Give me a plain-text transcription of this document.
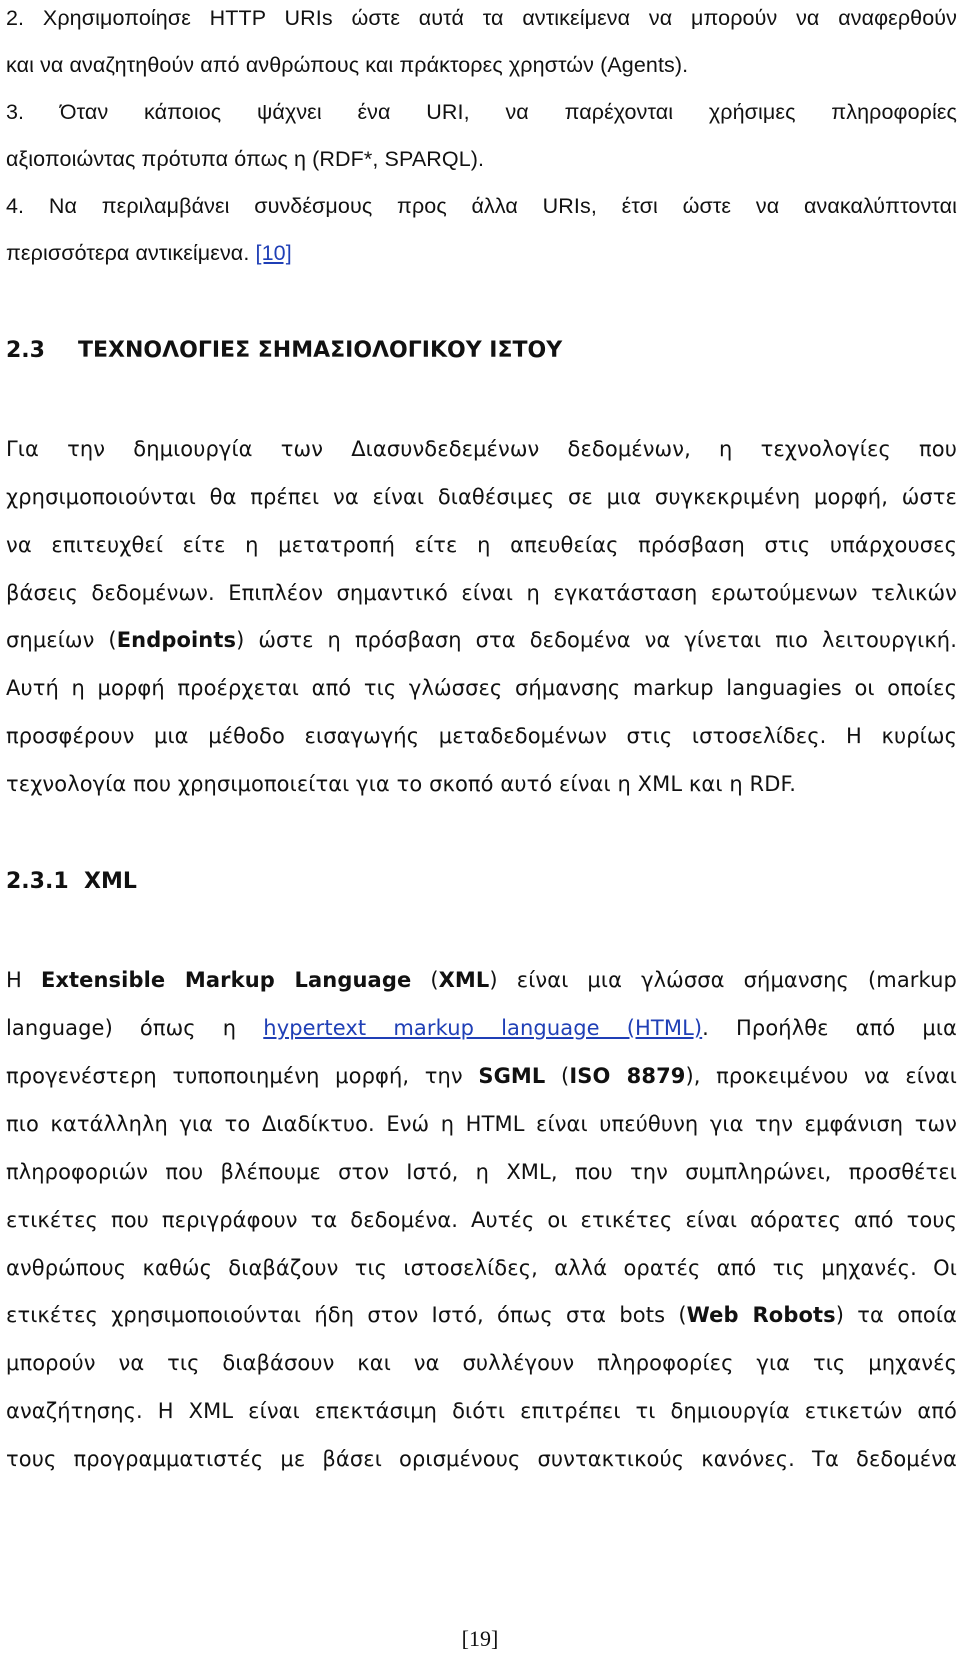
2. Χρησιμοποίησε HTTP URIs ώστε αυτά τα αντικείμενα να μπορούν να αναφερθούν
και να αναζητηθούν από ανθρώπους και πράκτορες χρηστών (Agents).
3. Όταν κάποιος ψάχνει ένα URI, να παρέχονται χρήσιμες πληροφορίες
αξιοποιώντας πρότυπα όπως η (RDF*, SPARQL).
4. Να περιλαμβάνει συνδέσμους προς άλλα URIs, έτσι ώστε να ανακαλύπτονται
περισσότερα αντικείμενα. [10]
2.3 ΤΕΧΝΟΛΟΓΙΕΣ ΣΗΜΑΣΙΟΛΟΓΙΚΟΥ ΙΣΤΟΥ
Για την δημιουργία των Διασυνδεδεμένων δεδομένων, η τεχνολογίες που
χρησιμοποιούνται θα πρέπει να είναι διαθέσιμες σε μια συγκεκριμένη μορφή, ώστε
να επιτευχθεί είτε η μετατροπή είτε η απευθείας πρόσβαση στις υπάρχουσες
βάσεις δεδομένων. Επιπλέον σημαντικό είναι η εγκατάσταση ερωτούμενων τελικών
σημείων (Endpoints) ώστε η πρόσβαση στα δεδομένα να γίνεται πιο λειτουργική.
Αυτή η μορφή προέρχεται από τις γλώσσες σήμανσης markup languagies οι οποίες
προσφέρουν μια μέθοδο εισαγωγής μεταδεδομένων στις ιστοσελίδες. Η κυρίως
τεχνολογία που χρησιμοποιείται για το σκοπό αυτό είναι η XML και η RDF.
2.3.1 XML
Η Extensible Markup Language (XML) είναι μια γλώσσα σήμανσης (markup
language) όπως η hypertext markup language (HTML). Προήλθε από μια
προγενέστερη τυποποιημένη μορφή, την SGML (ISO 8879), προκειμένου να είναι
πιο κατάλληλη για το Διαδίκτυο. Ενώ η HTML είναι υπεύθυνη για την εμφάνιση των
πληροφοριών που βλέπουμε στον Ιστό, η XML, που την συμπληρώνει, προσθέτει
ετικέτες που περιγράφουν τα δεδομένα. Αυτές οι ετικέτες είναι αόρατες από τους
ανθρώπους καθώς διαβάζουν τις ιστοσελίδες, αλλά ορατές από τις μηχανές. Οι
ετικέτες χρησιμοποιούνται ήδη στον Ιστό, όπως στα bots (Web Robots) τα οποία
μπορούν να τις διαβάσουν και να συλλέγουν πληροφορίες για τις μηχανές
αναζήτησης. Η XML είναι επεκτάσιμη διότι επιτρέπει τι δημιουργία ετικετών από
τους προγραμματιστές με βάσει ορισμένους συντακτικούς κανόνες. Τα δεδομένα
[19]
